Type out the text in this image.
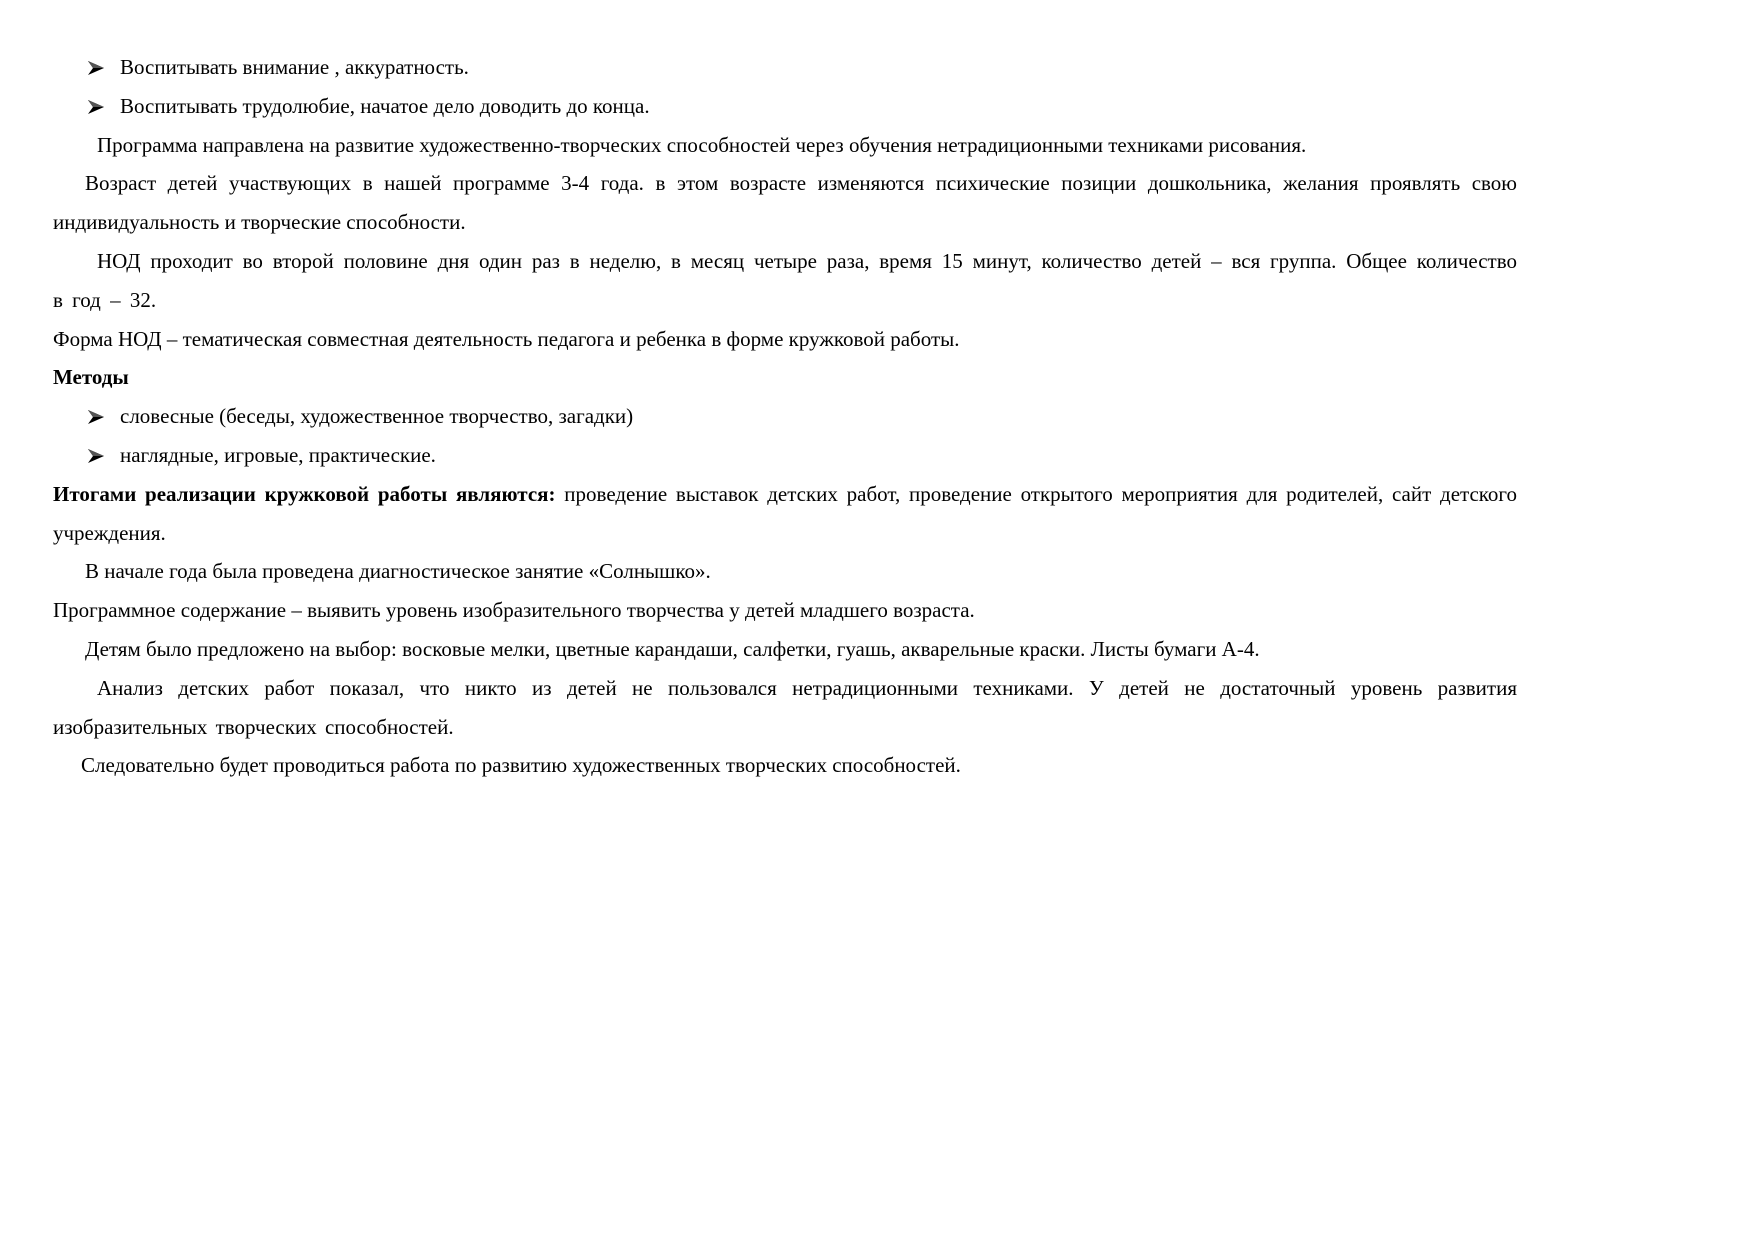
Воспитывать внимание , аккуратность.

Воспитывать трудолюбие, начатое дело доводить до конца.

Программа направлена на развитие художественно-творческих способностей через обучения нетрадиционными техниками рисования.

Возраст детей участвующих в нашей программе 3-4 года. в этом возрасте изменяются психические позиции дошкольника, желания проявлять свою индивидуальность и творческие способности.

НОД проходит во второй половине дня один раз в неделю, в месяц четыре раза, время 15 минут, количество детей – вся группа. Общее количество в год – 32.

Форма НОД – тематическая совместная деятельность педагога и ребенка в форме кружковой работы.

Методы

словесные (беседы, художественное творчество, загадки)

наглядные, игровые, практические.

Итогами реализации кружковой работы являются: проведение выставок детских работ, проведение открытого мероприятия для родителей, сайт детского учреждения.

В начале года была проведена диагностическое занятие «Солнышко».

Программное содержание – выявить уровень изобразительного творчества у детей младшего возраста.

Детям было предложено на выбор: восковые мелки, цветные карандаши, салфетки, гуашь, акварельные краски. Листы бумаги А-4.

Анализ детских работ показал, что никто из детей не пользовался нетрадиционными техниками. У детей не достаточный уровень развития изобразительных творческих способностей.

Следовательно будет проводиться работа по развитию художественных творческих способностей.
